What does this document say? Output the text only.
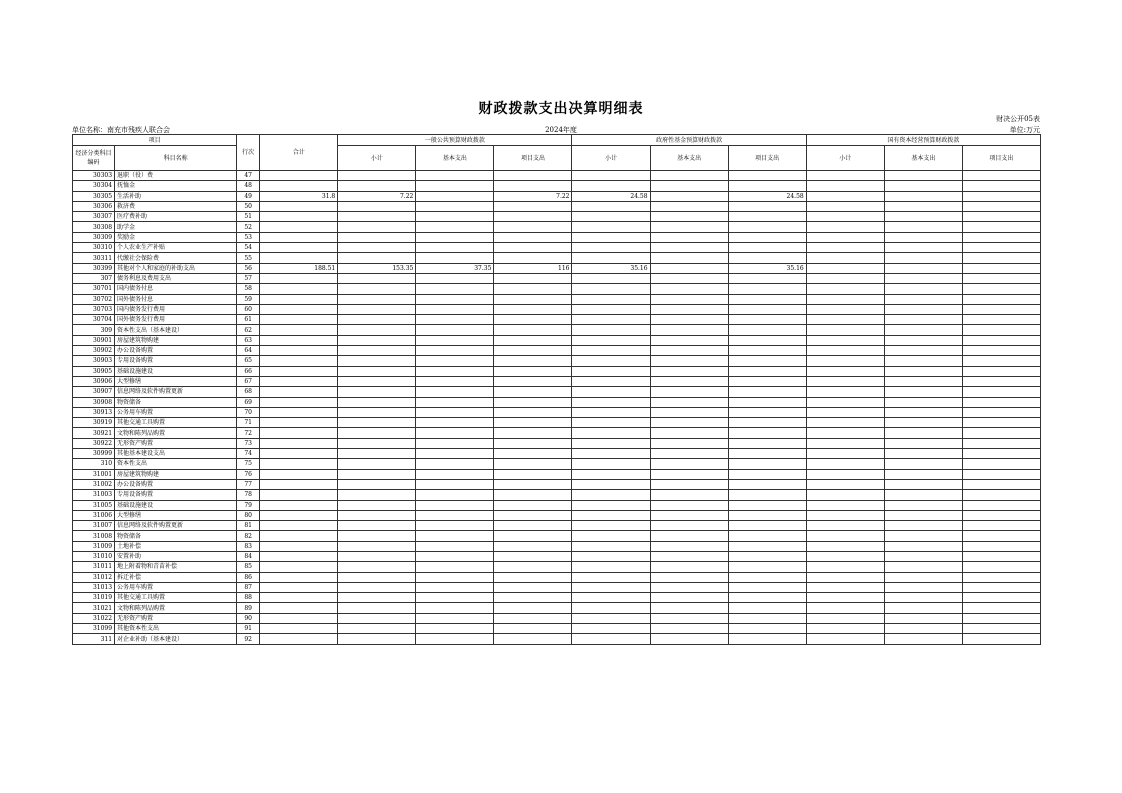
财政拨款支出决算明细表
财决公开05表
单位名称：南充市残疾人联合会	2024年度	单位:万元
项目		行次	合计	一般公共预算财政拨款			政府性基金预算财政拨款			国有资本经营预算财政拨款		
经济分类科目编码	科目名称			小计	基本支出	项目支出	小计	基本支出	项目支出	小计	基本支出	项目支出
30303	退职（役）费	47										
30304	抚恤金	48										
30305	生活补助	49	31.8	7.22		7.22	24.58		24.58			
30306	救济费	50										
30307	医疗费补助	51										
30308	助学金	52										
30309	奖励金	53										
30310	个人农业生产补贴	54										
30311	代缴社会保险费	55										
30399	其他对个人和家庭的补助支出	56	188.51	153.35	37.35	116	35.16		35.16			
307	债务利息及费用支出	57										
30701	国内债务付息	58										
30702	国外债务付息	59										
30703	国内债务发行费用	60										
30704	国外债务发行费用	61										
309	资本性支出（基本建设）	62										
30901	房屋建筑物购建	63										
30902	办公设备购置	64										
30903	专用设备购置	65										
30905	基础设施建设	66										
30906	大型修缮	67										
30907	信息网络及软件购置更新	68										
30908	物资储备	69										
30913	公务用车购置	70										
30919	其他交通工具购置	71										
30921	文物和陈列品购置	72										
30922	无形资产购置	73										
30999	其他基本建设支出	74										
310	资本性支出	75										
31001	房屋建筑物购建	76										
31002	办公设备购置	77										
31003	专用设备购置	78										
31005	基础设施建设	79										
31006	大型修缮	80										
31007	信息网络及软件购置更新	81										
31008	物资储备	82										
31009	土地补偿	83										
31010	安置补助	84										
31011	地上附着物和青苗补偿	85										
31012	拆迁补偿	86										
31013	公务用车购置	87										
31019	其他交通工具购置	88										
31021	文物和陈列品购置	89										
31022	无形资产购置	90										
31099	其他资本性支出	91										
311	对企业补助（基本建设）	92										
